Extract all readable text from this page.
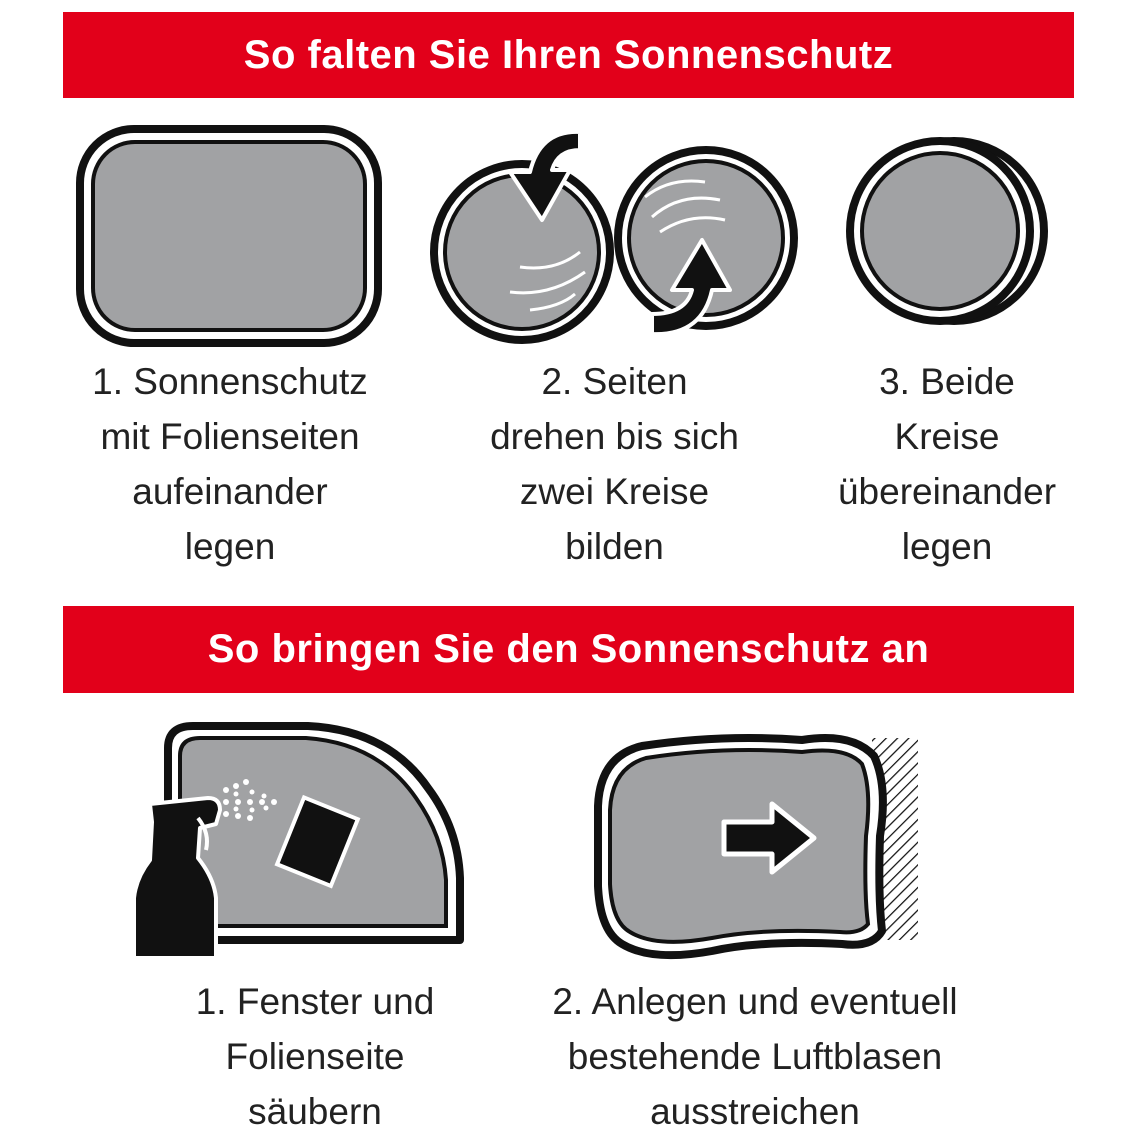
So falten Sie Ihren Sonnenschutz
1. Sonnenschutz
mit Folienseiten
aufeinander
legen
2. Seiten
drehen bis sich
zwei Kreise
bilden
3. Beide
Kreise
übereinander
legen
So bringen Sie den Sonnenschutz an
1. Fenster und
Folienseite
säubern
2. Anlegen und eventuell
bestehende Luftblasen
ausstreichen
